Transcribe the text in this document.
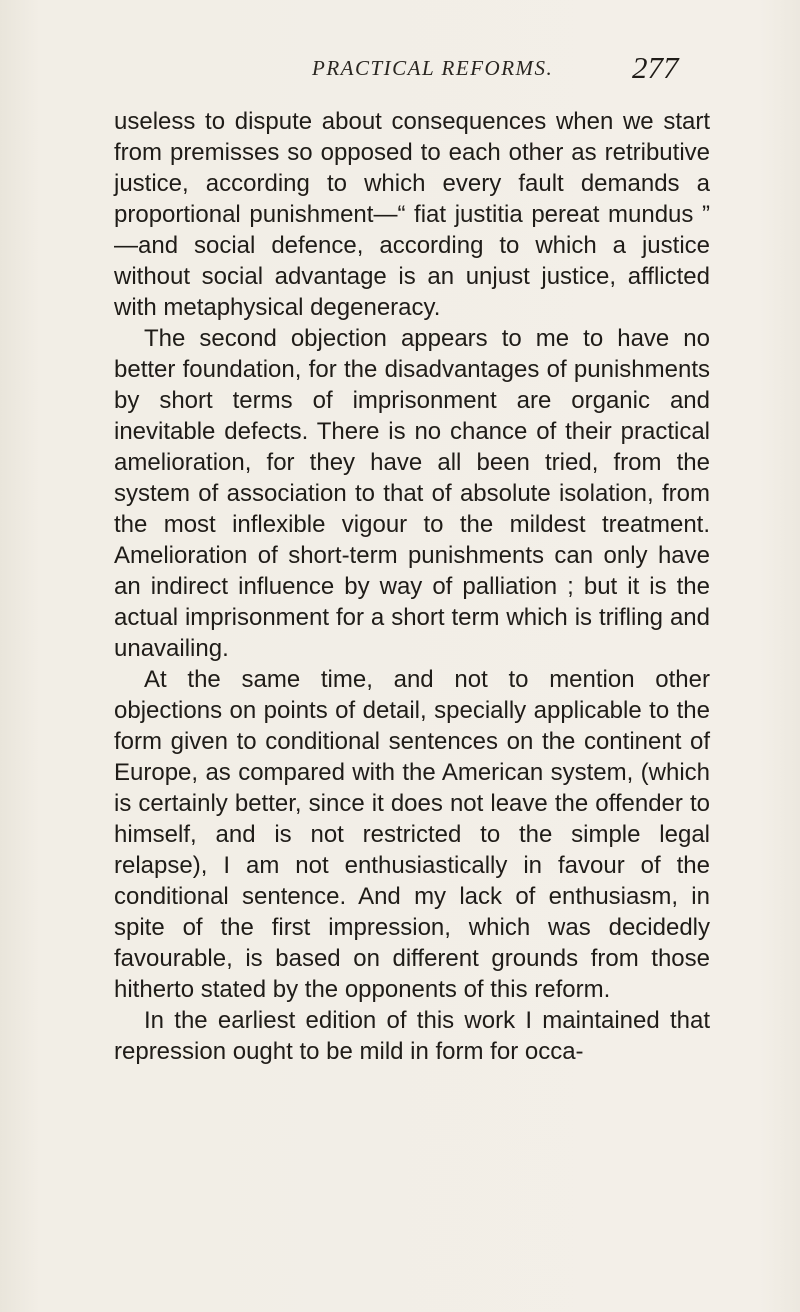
PRACTICAL REFORMS.	277

useless to dispute about consequences when we start from premisses so opposed to each other as retributive justice, according to which every fault demands a proportional punishment—“ fiat justitia pereat mundus ” —and social defence, according to which a justice without social advantage is an unjust justice, afflicted with metaphysical degeneracy.

The second objection appears to me to have no better foundation, for the disadvantages of punishments by short terms of imprisonment are organic and inevitable defects. There is no chance of their practical amelioration, for they have all been tried, from the system of association to that of absolute isolation, from the most inflexible vigour to the mildest treatment. Amelioration of short-term punishments can only have an indirect influence by way of palliation ; but it is the actual imprisonment for a short term which is trifling and unavailing.

At the same time, and not to mention other objections on points of detail, specially applicable to the form given to conditional sentences on the continent of Europe, as compared with the American system, (which is certainly better, since it does not leave the offender to himself, and is not restricted to the simple legal relapse), I am not enthusiastically in favour of the conditional sentence. And my lack of enthusiasm, in spite of the first impression, which was decidedly favourable, is based on different grounds from those hitherto stated by the opponents of this reform.

In the earliest edition of this work I maintained that repression ought to be mild in form for occa-
